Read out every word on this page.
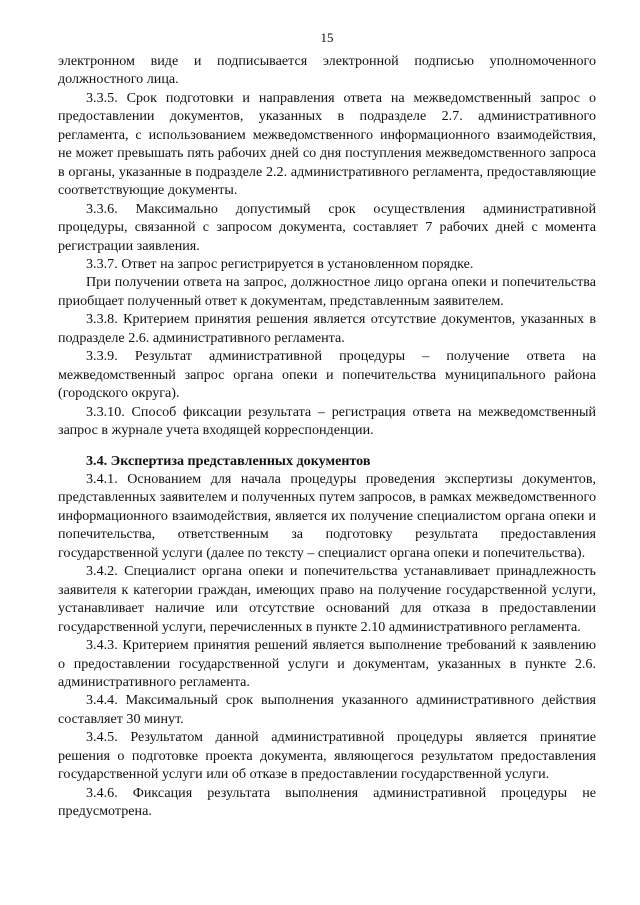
15

электронном виде и подписывается электронной подписью уполномоченного должностного лица.

3.3.5. Срок подготовки и направления ответа на межведомственный запрос о предоставлении документов, указанных в подразделе 2.7. административного регламента, с использованием межведомственного информационного взаимодействия, не может превышать пять рабочих дней со дня поступления межведомственного запроса в органы, указанные в подразделе 2.2. административного регламента, предоставляющие соответствующие документы.

3.3.6. Максимально допустимый срок осуществления административной процедуры, связанной с запросом документа, составляет 7 рабочих дней с момента регистрации заявления.

3.3.7. Ответ на запрос регистрируется в установленном порядке.

При получении ответа на запрос, должностное лицо органа опеки и попечительства приобщает полученный ответ к документам, представленным заявителем.

3.3.8. Критерием принятия решения является отсутствие документов, указанных в подразделе 2.6. административного регламента.

3.3.9. Результат административной процедуры – получение ответа на межведомственный запрос органа опеки и попечительства муниципального района (городского округа).

3.3.10. Способ фиксации результата – регистрация ответа на межведомственный запрос в журнале учета входящей корреспонденции.

3.4. Экспертиза представленных документов

3.4.1. Основанием для начала процедуры проведения экспертизы документов, представленных заявителем и полученных путем запросов, в рамках межведомственного информационного взаимодействия, является их получение специалистом органа опеки и попечительства, ответственным за подготовку результата предоставления государственной услуги (далее по тексту – специалист органа опеки и попечительства).

3.4.2. Специалист органа опеки и попечительства устанавливает принадлежность заявителя к категории граждан, имеющих право на получение государственной услуги, устанавливает наличие или отсутствие оснований для отказа в предоставлении государственной услуги, перечисленных в пункте 2.10 административного регламента.

3.4.3. Критерием принятия решений является выполнение требований к заявлению о предоставлении государственной услуги и документам, указанных в пункте 2.6. административного регламента.

3.4.4. Максимальный срок выполнения указанного административного действия составляет 30 минут.

3.4.5. Результатом данной административной процедуры является принятие решения о подготовке проекта документа, являющегося результатом предоставления государственной услуги или об отказе в предоставлении государственной услуги.

3.4.6. Фиксация результата выполнения административной процедуры не предусмотрена.
